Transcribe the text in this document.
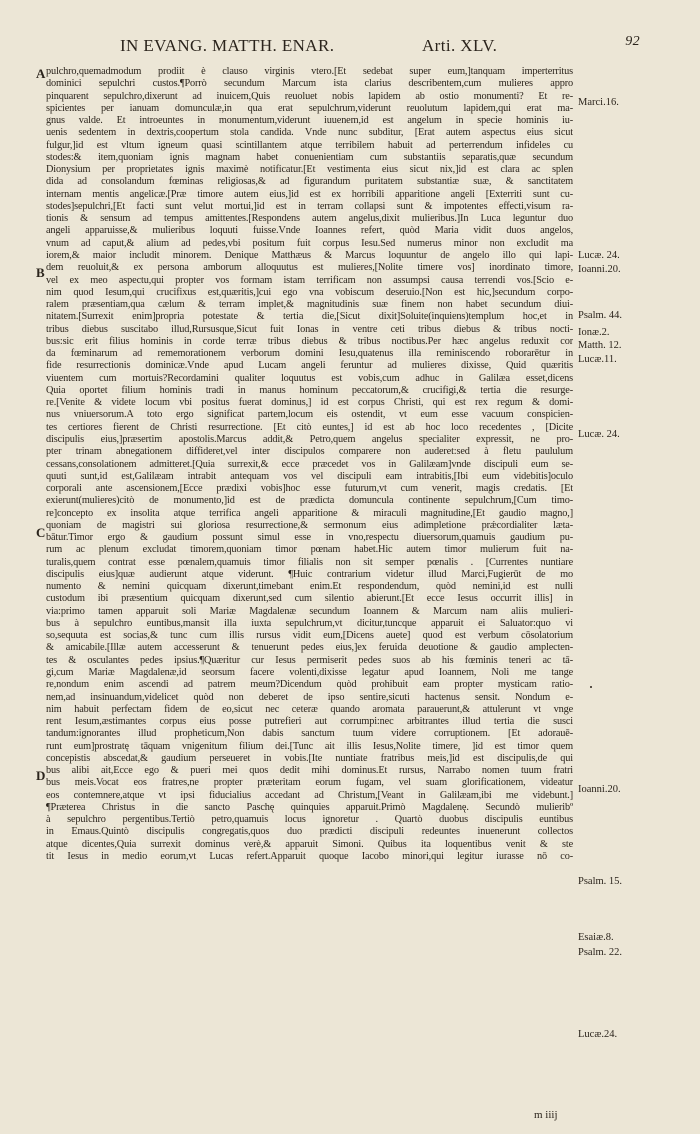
IN EVANG. MATTH. ENAR.	Arti. XLV.	92
A
B
C
D
pulchro,quemadmodum prodiit è clauso virginis vtero.[Et sedebat super eum,]tanquam imperterritus
dominici sepulchri custos.¶Porrò secundum Marcum ista clarius describentem,cum mulieres appro
pinquarent sepulchro,dixerunt ad inuicem,Quis reuoluet nobis lapidem ab ostio monumenti? Et re-
spicientes per ianuam domunculæ,in qua erat sepulchrum,viderunt reuolutum lapidem,qui erat ma-
gnus valde. Et introeuntes in monumentum,viderunt iuuenem,id est angelum in specie hominis iu-
uenis sedentem in dextris,coopertum stola candida. Vnde nunc subditur, [Erat autem aspectus eius sicut
fulgur,]id est vltum igneum quasi scintillantem atque terribilem habuit ad perterrendum infideles cu
stodes:& item,quoniam ignis magnam habet conuenientiam cum substantiis separatis,quæ secundum
Dionysium per proprietates ignis maximè notificatur.[Et vestimenta eius sicut nix,]id est clara ac splen
dida ad consolandum fœminas religiosas,& ad figurandum puritatem substantiæ suæ, & sanctitatem
internam mentis angelicæ.[Præ timore autem eius,]id est ex horribili apparitione angeli [Exterriti sunt cu-
stodes]sepulchri,[Et facti sunt velut mortui,]id est in terram collapsi sunt & impotentes effecti,visum ra-
tionis & sensum ad tempus amittentes.[Respondens autem angelus,dixit mulieribus.]In Luca leguntur duo
angeli apparuisse,& mulieribus loquuti fuisse.Vnde Ioannes refert, quòd Maria vidit duos angelos,
vnum ad caput,& alium ad pedes,vbi positum fuit corpus Iesu.Sed numerus minor non excludit ma
iorem,& maior includit minorem. Denique Matthæus & Marcus loquuntur de angelo illo qui lapi-
dem reuoluit,& ex persona amborum alloquutus est mulieres,[Nolite timere vos] inordinato timore,
vel ex meo aspectu,qui propter vos formam istam terrificam non assumpsi causa terrendi vos.[Scio e-
nim quod Iesum,qui crucifixus est,quæritis,]cui ego vna vobiscum deseruio.[Non est hic,]secundum corpo-
ralem præsentiam,qua cælum & terram implet,& magnitudinis suæ finem non habet secundum diui-
nitatem.[Surrexit enim]propria potestate & tertia die,[Sicut dixit]Soluite(inquiens)templum hoc,et in
tribus diebus suscitabo illud,Rursusque,Sicut fuit Ionas in ventre ceti tribus diebus & tribus nocti-
bus:sic erit filius hominis in corde terræ tribus diebus & tribus noctibus.Per hæc angelus reduxit cor
da fœminarum ad rememorationem verborum domini Iesu,quatenus illa reminiscendo roborarētur in
fide resurrectionis dominicæ.Vnde apud Lucam angeli feruntur ad mulieres dixisse, Quid quæritis
viuentem cum mortuis?Recordamini qualiter loquutus est vobis,cum adhuc in Galilæa esset,dicens
Quia oportet filium hominis tradi in manus hominum peccatorum,& crucifigi,& tertia die resurge-
re.[Venite & videte locum vbi positus fuerat dominus,] id est corpus Christi, qui est rex regum & domi-
nus vniuersorum.A toto ergo significat partem,locum eis ostendit, vt eum esse vacuum conspicien-
tes certiores fierent de Christi resurrectione. [Et citò euntes,] id est ab hoc loco recedentes , [Dicite
discipulis eius,]præsertim apostolis.Marcus addit,& Petro,quem angelus specialiter expressit, ne pro-
pter trinam abnegationem diffideret,vel inter discipulos comparere non auderet:sed à fletu paululum
cessans,consolationem admitteret.[Quia surrexit,& ecce præcedet vos in Galilæam]vnde discipuli eum se-
quuti sunt,id est,Galilæam intrabit antequam vos vel discipuli eam intrabitis,[Ibi eum videbitis]oculo
corporali ante ascensionem,[Ecce prædixi vobis]hoc esse futurum,vt cum venerit, magis credatis. [Et
exierunt(mulieres)citò de monumento,]id est de prædicta domuncula continente sepulchrum,[Cum timo-
re]concepto ex insolita atque terrifica angeli apparitione & miraculi magnitudine,[Et gaudio magno,]
quoniam de magistri sui gloriosa resurrectione,& sermonum eius adimpletione prǽcordialiter læta-
bātur.Timor ergo & gaudium possunt simul esse in vno,respectu diuersorum,quamuis gaudium pu-
rum ac plenum excludat timorem,quoniam timor pœnam habet.Hic autem timor mulierum fuit na-
turalis,quem contrat esse pœnalem,quamuis timor filialis non sit semper pœnalis . [Currentes nuntiare
discipulis eius]quæ audierunt atque viderunt. ¶Huic contrarium videtur illud Marci,Fugierūt de mo
numento & nemini quicquam dixerunt,timebant enim.Et respondendum, quòd nemini,id est nulli
custodum ibi præsentium quicquam dixerunt,sed cum silentio abierunt.[Et ecce Iesus occurrit illis] in
via:primo tamen apparuit soli Mariæ Magdalenæ secundum Ioannem & Marcum nam aliis mulieri-
bus à sepulchro euntibus,mansit illa iuxta sepulchrum,vt dicitur,tuncque apparuit ei Saluator:quo vi
so,sequuta est socias,& tunc cum illis rursus vidit eum,[Dicens auete] quod est verbum cōsolatorium
& amicabile.[Illæ autem accesserunt & tenuerunt pedes eius,]ex feruida deuotione & gaudio amplecten-
tes & osculantes pedes ipsius.¶Quæritur cur Iesus permiserit pedes suos ab his fœminis teneri ac tā-
gi,cum Mariæ Magdalenæ,id seorsum facere volenti,dixisse legatur apud Ioannem, Noli me tange
re,nondum enim ascendi ad patrem meum?Dicendum quòd prohibuit eam propter mysticam ratio-
nem,ad insinuandum,videlicet quòd non deberet de ipso sentire,sicuti hactenus sensit. Nondum e-
nim habuit perfectam fidem de eo,sicut nec ceteræ quando aromata parauerunt,& attulerunt vt vnge
rent Iesum,æstimantes corpus eius posse putrefieri aut corrumpi:nec arbitrantes illud tertia die susci
tandum:ignorantes illud propheticum,Non dabis sanctum tuum videre corruptionem. [Et adorauē-
runt eum]prostratę tāquam vnigenitum filium dei.[Tunc ait illis Iesus,Nolite timere, ]id est timor quem
concepistis abscedat,& gaudium perseueret in vobis.[Ite nuntiate fratribus meis,]id est discipulis,de qui
bus alibi ait,Ecce ego & pueri mei quos dedit mihi dominus.Et rursus, Narrabo nomen tuum fratri
bus meis.Vocat eos fratres,ne propter præteritam eorum fugam, vel suam glorificationem, videatur
eos contemnere,atque vt ipsi fiducialius accedant ad Christum,[Veant in Galilæam,ibi me videbunt.]
¶Præterea Christus in die sancto Paschę quinquies apparuit.Primò Magdalenę. Secundò mulieribº
à sepulchro pergentibus.Tertiò petro,quamuis locus ignoretur . Quartò duobus discipulis euntibus
in Emaus.Quintò discipulis congregatis,quos duo prædicti discipuli redeuntes inuenerunt collectos
atque dicentes,Quia surrexit dominus verè,& apparuit Simoni. Quibus ita loquentibus venit & ste
tit Iesus in medio eorum,vt Lucas refert.Apparuit quoque Iacobo minori,qui legitur iurasse nō co-
Marci.16.
Lucæ. 24.
Ioanni.20.
Psalm. 44.
Ionæ.2.
Matth. 12.
Lucæ.11.
Lucæ. 24.
Ioanni.20.
Psalm. 15.
Esaiæ.8.
Psalm. 22.
Lucæ.24.
m iiij
